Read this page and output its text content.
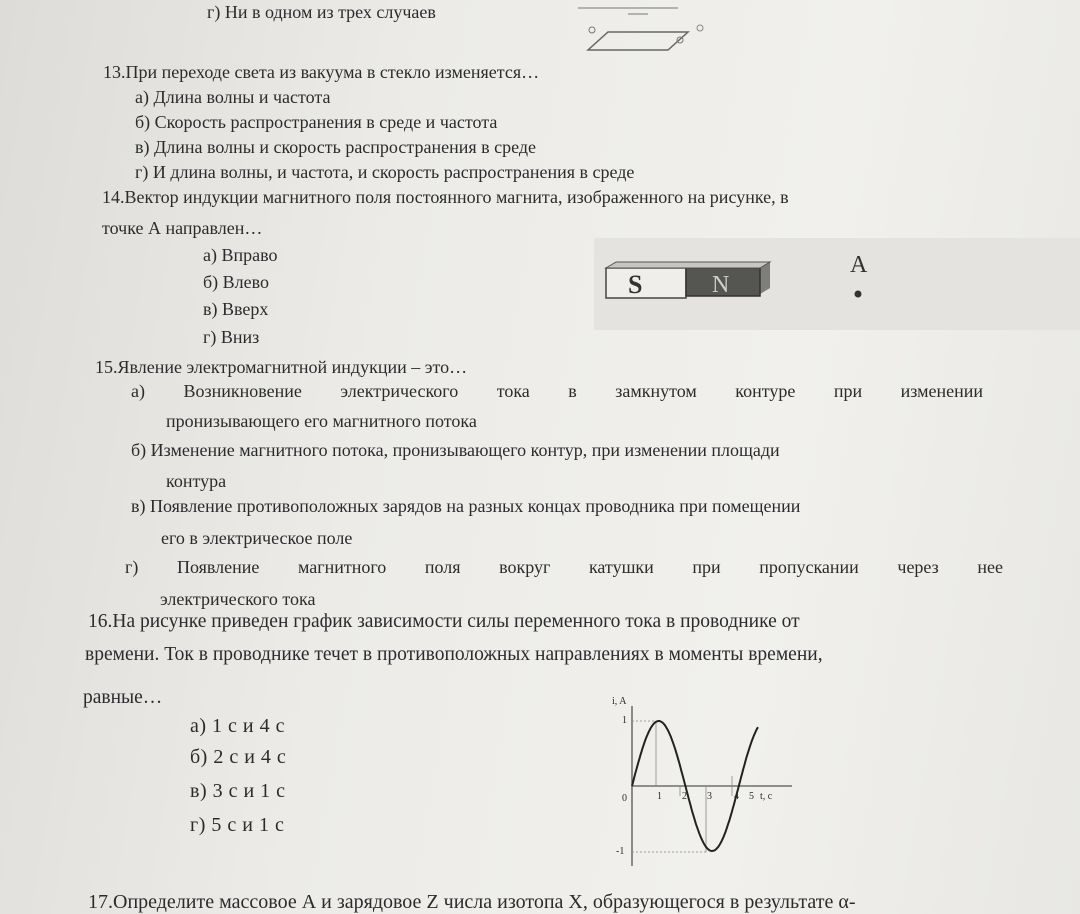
г) Ни в одном из трех случаев
13.При переходе света из вакуума в стекло изменяется…
а) Длина волны и частота
б) Скорость распространения в среде и частота
в) Длина волны и скорость распространения в среде
г) И длина волны, и частота, и скорость распространения в среде
14.Вектор индукции магнитного поля постоянного магнита, изображенного на рисунке, в
точке А направлен…
а) Вправо
б) Влево
в) Вверх
г) Вниз
S	N
A
15.Явление электромагнитной индукции – это…
а) Возникновение электрического тока в замкнутом контуре при изменении
пронизывающего его магнитного потока
б) Изменение магнитного потока, пронизывающего контур, при изменении площади
контура
в) Появление противоположных зарядов на разных концах проводника при помещении
его в электрическое поле
г) Появление магнитного поля вокруг катушки при пропускании через нее
электрического тока
16.На рисунке приведен график зависимости силы переменного тока в проводнике от
времени. Ток в проводнике течет в противоположных направлениях в моменты времени,
равные…
а) 1 с и 4 с
б) 2 с и 4 с
в) 3 с и 1 с
г) 5 с и 1 с
i, A
t, c
1
0
-1
1 2 3 4 5
17.Определите массовое А и зарядовое Z числа изотопа X, образующегося в результате α-
